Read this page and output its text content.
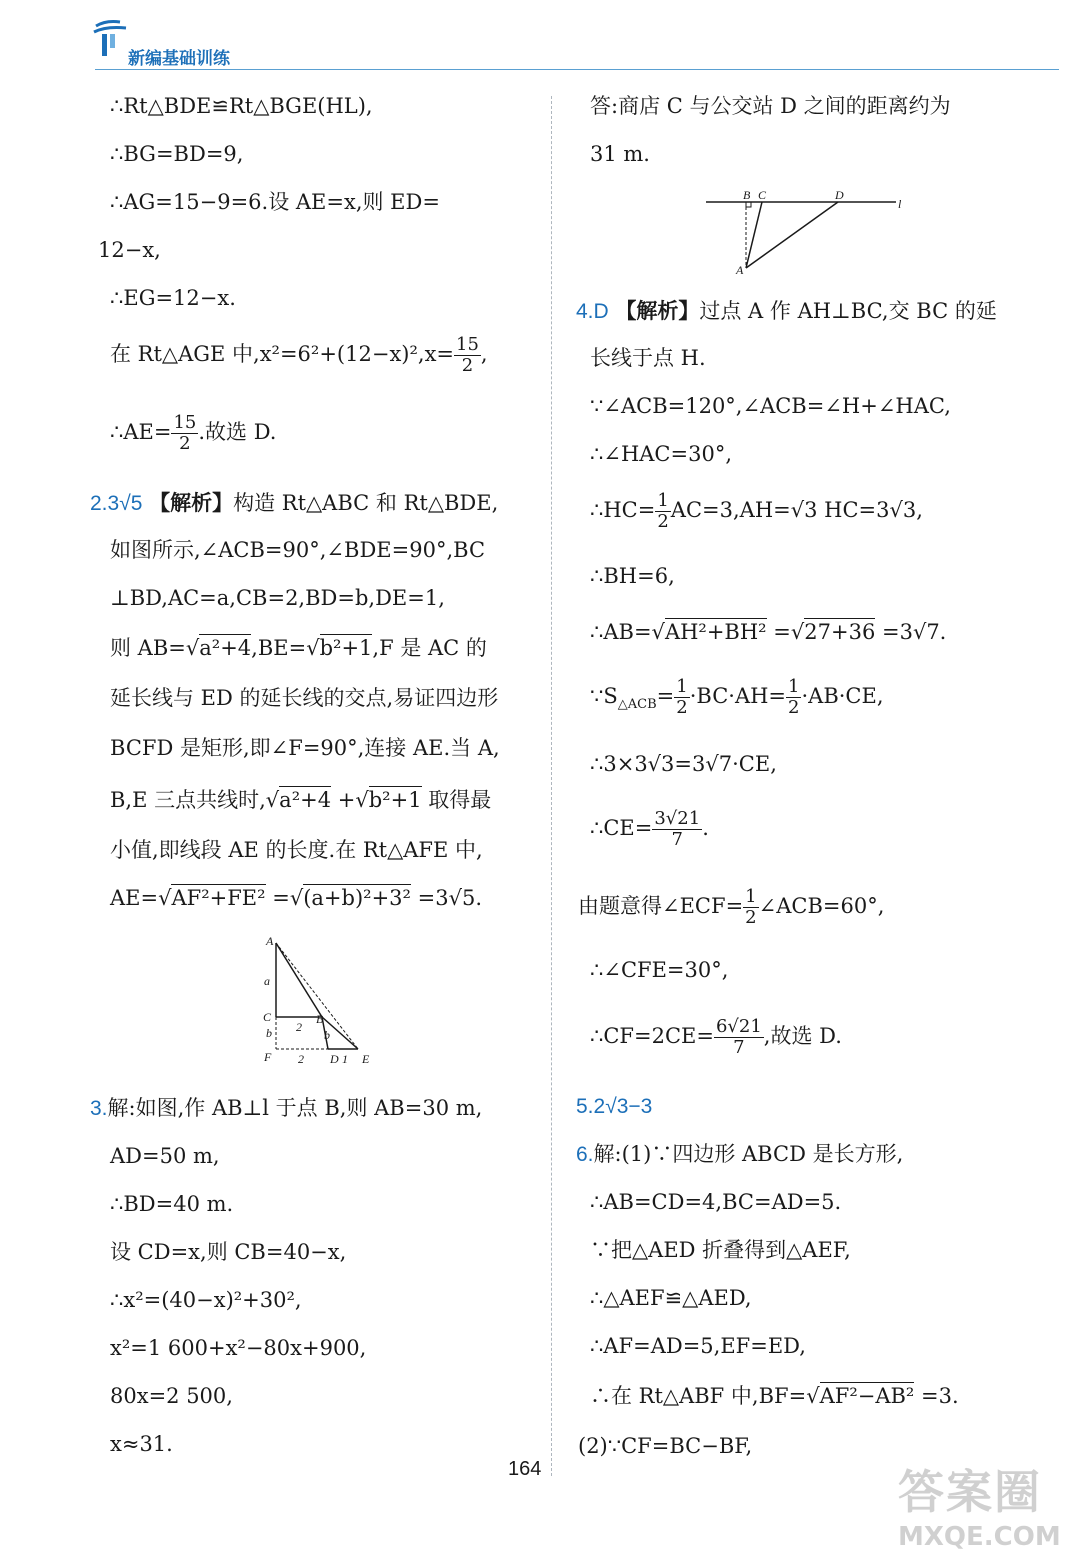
新编基础训练
∴Rt△BDE≌Rt△BGE(HL),
∴BG=BD=9,
∴AG=15−9=6.设 AE=x,则 ED=
12−x,
∴EG=12−x.
在 Rt△AGE 中$,x^2=6^2+(12-x)^2,x= \frac{15}{2}$ ,
∴AE= $\frac{15}{2}$ .故选 D.
2.3√5 【解析】构造 Rt△ABC 和 Rt△BDE,
如图所示,∠ACB=90°,∠BDE=90°,BC
⊥BD,AC=a,CB=2,BD=b,DE=1,
则 AB=√a²+4,BE=√b²+1,F 是 AC 的
延长线与 ED 的延长线的交点,易证四边形
BCFD 是矩形,即∠F=90°,连接 AE.当 A,
B,E 三点共线时,√a²+4 +√b²+1 取得最
小值,即线段 AE 的长度.在 Rt△AFE 中,
AE=√AF²+FE² =√(a+b)²+3² =3√5.
3.解:如图,作 AB⊥l 于点 B,则 AB=30 m,
AD=50 m,
∴BD=40 m.
设 CD=x,则 CB=40−x,
∴x²=(40−x)²+30²,
x²=1 600+x²−80x+900,
80x=2 500,
x≈31.
A
a
C
b
F
2
B
b
2 D 1 E
答:商店 C 与公交站 D 之间的距离约为
31 m.
4.D 【解析】过点 A 作 AH⊥BC,交 BC 的延
长线于点 H.
∵∠ACB=120°,∠ACB=∠H+∠HAC,
∴∠HAC=30°,
∴HC= $\frac{1}{2} AC=3,AH=√3$ HC=3√3,
∴BH=6,
∴AB=√AH²+BH² =√27+36 =3√7.
$\because S_{\triangle ACB}= \frac{1}{2} \cdot BC\cdot AH= \frac{1}{2} \cdot AB\cdot CE$,
∴3×3√3=3√7·CE,
∴CE= $\frac{3√21}{7}$ .
由题意得∠ECF= $\frac{1}{2}$ ∠ACB=60°,
∴∠CFE=30°,
∴CF=2CE= $\frac{6√21}{7}$ ,故选 D.
5.2√3−3
6.解:(1)∵四边形 ABCD 是长方形,
∴AB=CD=4,BC=AD=5.
∵把△AED 折叠得到△AEF,
∴△AEF≌△AED,
∴AF=AD=5,EF=ED,
∴在 Rt△ABF 中,BF=√AF²−AB² =3.
(2)∵CF=BC−BF,
B C	D
A
l
164	答案圈
MXQE.COM
